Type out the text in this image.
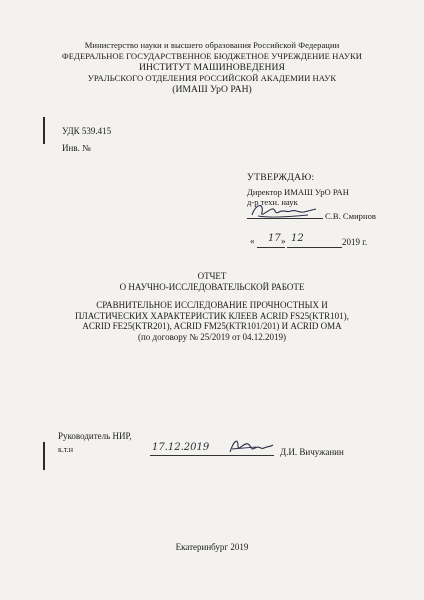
Министерство науки и высшего образования Российской Федерации
ФЕДЕРАЛЬНОЕ ГОСУДАРСТВЕННОЕ БЮДЖЕТНОЕ УЧРЕЖДЕНИЕ НАУКИ
ИНСТИТУТ МАШИНОВЕДЕНИЯ
УРАЛЬСКОГО ОТДЕЛЕНИЯ РОССИЙСКОЙ АКАДЕМИИ НАУК
(ИМАШ УрО РАН)
УДК 539.415
Инв. №
УТВЕРЖДАЮ:
Директор ИМАШ УрО РАН
д-р техн. наук
С.В. Смирнов
« 17 » 12	2019 г.
ОТЧЕТ
О НАУЧНО-ИССЛЕДОВАТЕЛЬСКОЙ РАБОТЕ
СРАВНИТЕЛЬНОЕ ИССЛЕДОВАНИЕ ПРОЧНОСТНЫХ И
ПЛАСТИЧЕСКИХ ХАРАКТЕРИСТИК КЛЕЕВ ACRID FS25(KTR101),
ACRID FE25(KTR201), ACRID FM25(KTR101/201) И ACRID OMA
(по договору № 25/2019 от 04.12.2019)
Руководитель НИР,
к.т.н	17.12.2019	Д.И. Вичужанин
Екатеринбург 2019
